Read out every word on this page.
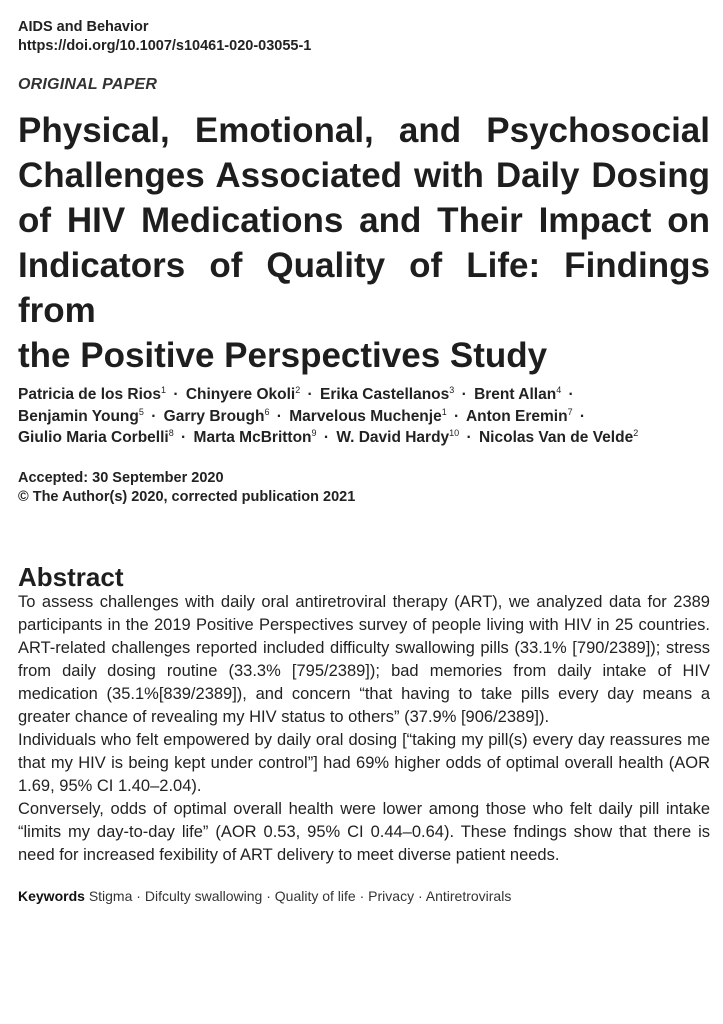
AIDS and Behavior
https://doi.org/10.1007/s10461-020-03055-1
ORIGINAL PAPER
Physical, Emotional, and Psychosocial
Challenges Associated with Daily Dosing
of HIV Medications and Their Impact on
Indicators of Quality of Life: Findings from
the Positive Perspectives Study
Patricia de los Rios$^1$ · Chinyere Okoli$^2$ · Erika Castellanos$^3$ · Brent Allan$^4$ ·
Benjamin Young$^5$ · Garry Brough$^6$ · Marvelous Muchenje$^1$ · Anton Eremin$^7$ ·
Giulio Maria Corbelli$^8$ · Marta McBritton$^9$ · W. David Hardy$^{10}$ · Nicolas Van de Velde$^2$
Accepted: 30 September 2020
© The Author(s) 2020, corrected publication 2021
Abstract

To assess challenges with daily oral antiretroviral therapy (ART), we analyzed data for 2389 participants in the 2019 Positive Perspectives survey of people living with HIV in 25 countries. ART-related challenges reported included difficulty swallowing pills (33.1% [790/2389]); stress from daily dosing routine (33.3% [795/2389]); bad memories from daily intake of HIV medication (35.1%[839/2389]), and concern “that having to take pills every day means a greater chance of revealing my HIV status to others” (37.9% [906/2389]).

Individuals who felt empowered by daily oral dosing [“taking my pill(s) every day reassures me that my HIV is being kept under control”] had 69% higher odds of optimal overall health (AOR 1.69, 95% CI 1.40–2.04).

Conversely, odds of optimal overall health were lower among those who felt daily pill intake “limits my day-to-day life” (AOR 0.53, 95% CI 0.44–0.64). These fndings show that there is need for increased fexibility of ART delivery to meet diverse patient needs.

Keywords Stigma · Difculty swallowing · Quality of life · Privacy · Antiretrovirals
